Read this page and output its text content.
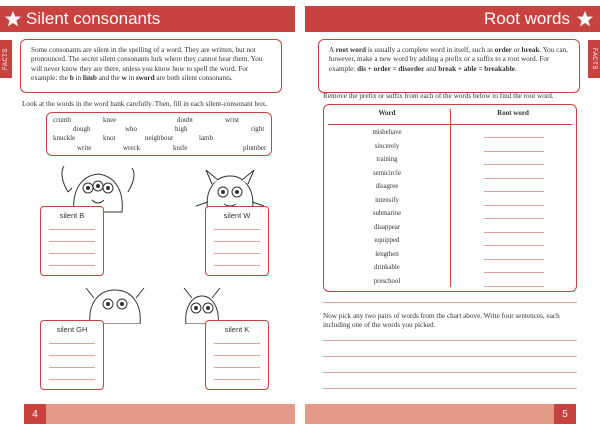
Silent consonants
FACTS	Some consonants are silent in the spelling of a word. They are written, but not pronounced. The secret silent consonants lurk where they cannot hear them. You will never know they are there, unless you know how to spell the word. For example: the b in limb and the w in sword are both silent consonants.
Look at the words in the word bank carefully. Then, fill in each silent-consonant box.
crumb	knee	doubt	wrist
dough	who	high	right
knuckle	knot	neighbour	lamb
write	wreck	knife	plumber
silent B	silent W
silent GH	silent K
Root words
FACTS
A root word is usually a complete word in itself, such as order or break. You can, however, make a new word by adding a prefix or a suffix to a root word. For example: dis + order = disorder and break + able = breakable.
Remove the prefix or suffix from each of the words below to find the root word.
Word	Root word
misbehave
sincerely
training
semicircle
disagree
intensify
submarine
disappear
equipped
lengthen
drinkable
preschool
Now pick any two pairs of words from the chart above. Write four sentences, each including one of the words you picked.
4	5
